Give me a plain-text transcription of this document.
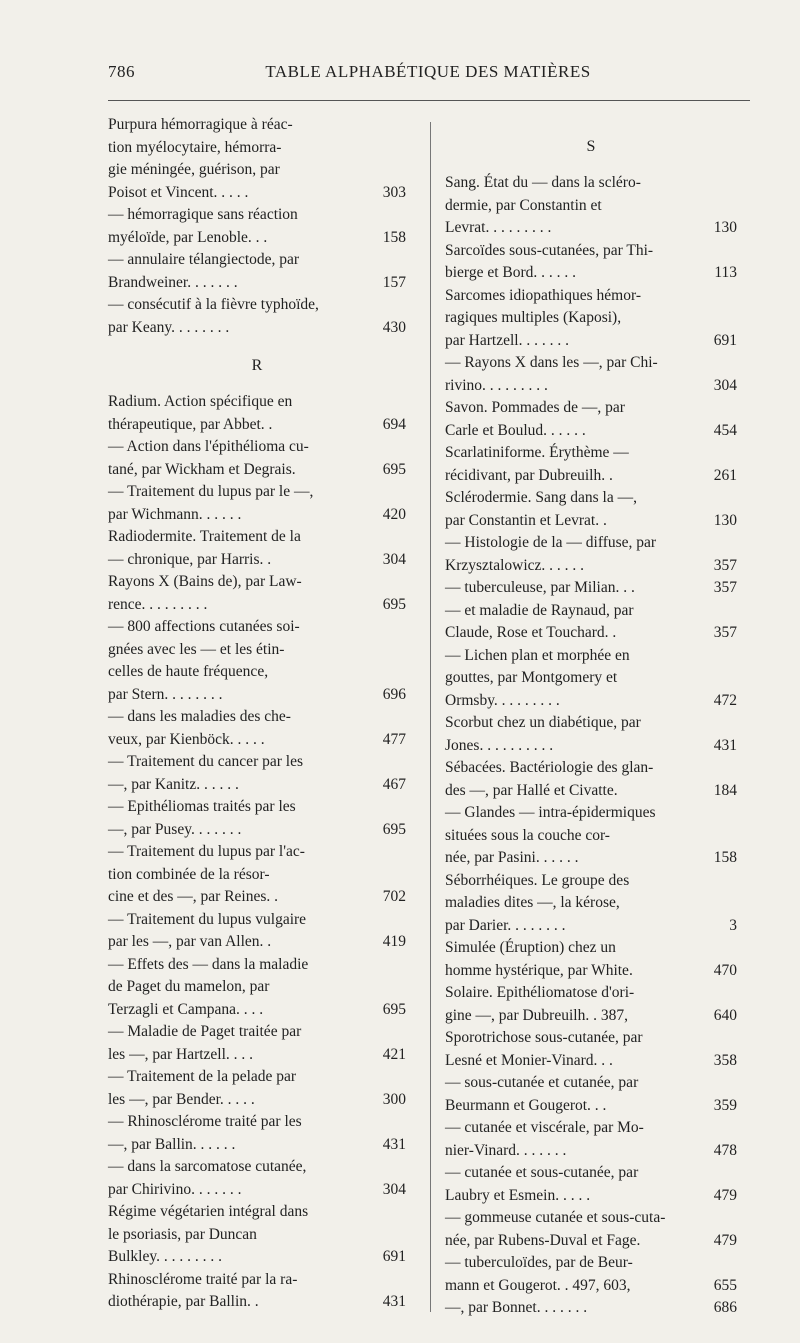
786	TABLE ALPHABÉTIQUE DES MATIÈRES
Purpura hémorragique à réac-
tion myélocytaire, hémorra-
gie méningée, guérison, par
Poisot et Vincent. . . . .	303
— hémorragique sans réaction
myéloïde, par Lenoble. . .	158
— annulaire télangiectode, par
Brandweiner. . . . . . .	157
— consécutif à la fièvre typhoïde,
par Keany. . . . . . . .	430
R
Radium. Action spécifique en
thérapeutique, par Abbet. .	694
— Action dans l'épithélioma cu-
tané, par Wickham et Degrais.	695
— Traitement du lupus par le —,
par Wichmann. . . . . .	420
Radiodermite. Traitement de la
— chronique, par Harris. .	304
Rayons X (Bains de), par Law-
rence. . . . . . . . .	695
— 800 affections cutanées soi-
gnées avec les — et les étin-
celles de haute fréquence,
par Stern. . . . . . . .	696
— dans les maladies des che-
veux, par Kienböck. . . . .	477
— Traitement du cancer par les
—, par Kanitz. . . . . .	467
— Epithéliomas traités par les
—, par Pusey. . . . . . .	695
— Traitement du lupus par l'ac-
tion combinée de la résor-
cine et des —, par Reines. .	702
— Traitement du lupus vulgaire
par les —, par van Allen. .	419
— Effets des — dans la maladie
de Paget du mamelon, par
Terzagli et Campana. . . .	695
— Maladie de Paget traitée par
les —, par Hartzell. . . .	421
— Traitement de la pelade par
les —, par Bender. . . . .	300
— Rhinosclérome traité par les
—, par Ballin. . . . . .	431
— dans la sarcomatose cutanée,
par Chirivino. . . . . . .	304
Régime végétarien intégral dans
le psoriasis, par Duncan
Bulkley. . . . . . . . .	691
Rhinosclérome traité par la ra-
diothérapie, par Ballin. .	431
S
Sang. État du — dans la scléro-
dermie, par Constantin et
Levrat. . . . . . . . .	130
Sarcoïdes sous-cutanées, par Thi-
bierge et Bord. . . . . .	113
Sarcomes idiopathiques hémor-
ragiques multiples (Kaposi),
par Hartzell. . . . . . .	691
— Rayons X dans les —, par Chi-
rivino. . . . . . . . .	304
Savon. Pommades de —, par
Carle et Boulud. . . . . .	454
Scarlatiniforme. Érythème —
récidivant, par Dubreuilh. .	261
Sclérodermie. Sang dans la —,
par Constantin et Levrat. .	130
— Histologie de la — diffuse, par
Krzysztalowicz. . . . . .	357
— tuberculeuse, par Milian. . .	357
— et maladie de Raynaud, par
Claude, Rose et Touchard. .	357
— Lichen plan et morphée en
gouttes, par Montgomery et
Ormsby. . . . . . . . .	472
Scorbut chez un diabétique, par
Jones. . . . . . . . . .	431
Sébacées. Bactériologie des glan-
des —, par Hallé et Civatte.	184
— Glandes — intra-épidermiques
situées sous la couche cor-
née, par Pasini. . . . . .	158
Séborrhéiques. Le groupe des
maladies dites —, la kérose,
par Darier. . . . . . . .	3
Simulée (Éruption) chez un
homme hystérique, par White.	470
Solaire. Epithéliomatose d'ori-
gine —, par Dubreuilh. . 387,	640
Sporotrichose sous-cutanée, par
Lesné et Monier-Vinard. . .	358
— sous-cutanée et cutanée, par
Beurmann et Gougerot. . .	359
— cutanée et viscérale, par Mo-
nier-Vinard. . . . . . .	478
— cutanée et sous-cutanée, par
Laubry et Esmein. . . . .	479
— gommeuse cutanée et sous-cuta-
née, par Rubens-Duval et Fage.	479
— tuberculoïdes, par de Beur-
mann et Gougerot. . 497, 603,	655
—, par Bonnet. . . . . . .	686
